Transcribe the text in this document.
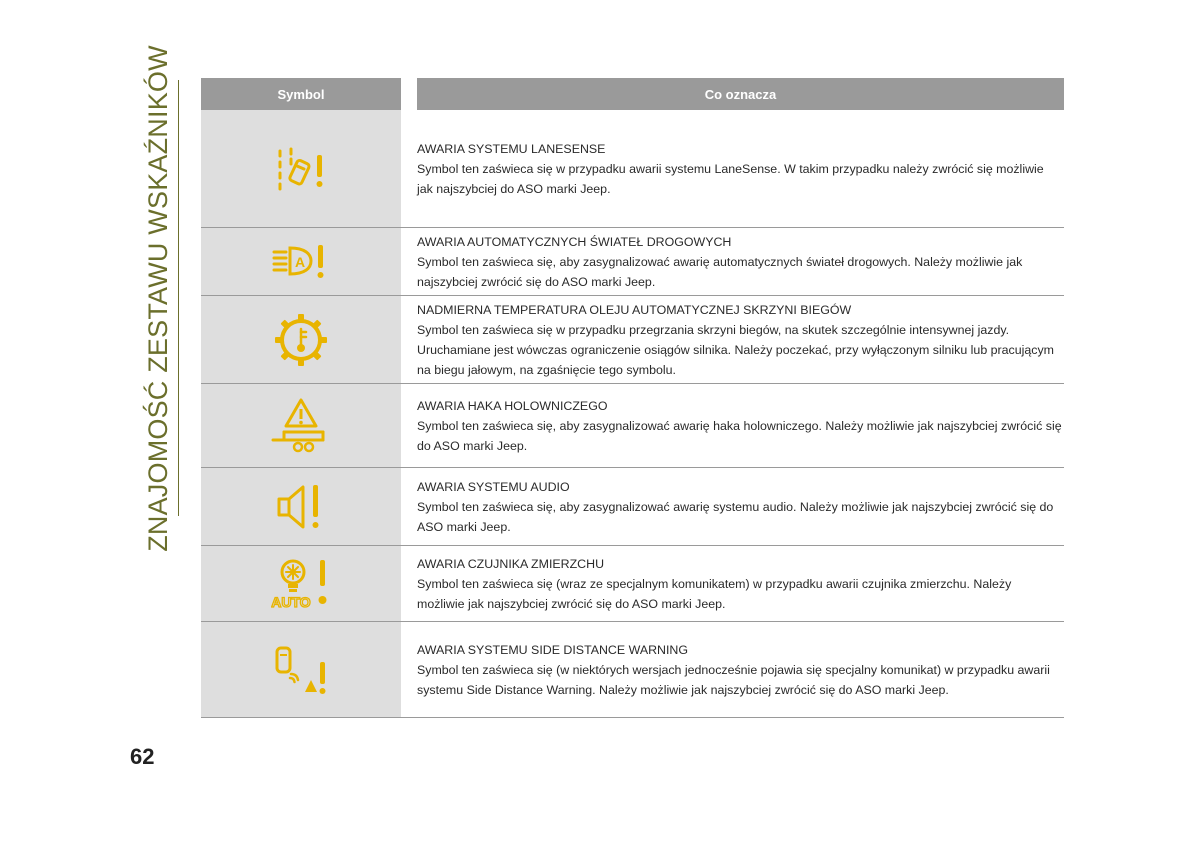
ZNAJOMOŚĆ ZESTAWU WSKAŹNIKÓW	Symbol	Co oznacza
AWARIA SYSTEMU LANESENSE
Symbol ten zaświeca się w przypadku awarii systemu LaneSense. W takim przypadku należy zwrócić się możliwie jak najszybciej do ASO marki Jeep.
A
AWARIA AUTOMATYCZNYCH ŚWIATEŁ DROGOWYCH
Symbol ten zaświeca się, aby zasygnalizować awarię automatycznych świateł drogowych. Należy możliwie jak najszybciej zwrócić się do ASO marki Jeep.
NADMIERNA TEMPERATURA OLEJU AUTOMATYCZNEJ SKRZYNI BIEGÓW
Symbol ten zaświeca się w przypadku przegrzania skrzyni biegów, na skutek szczególnie intensywnej jazdy. Uruchamiane jest wówczas ograniczenie osiągów silnika. Należy poczekać, przy wyłączonym silniku lub pracującym na biegu jałowym, na zgaśnięcie tego symbolu.
AWARIA HAKA HOLOWNICZEGO
Symbol ten zaświeca się, aby zasygnalizować awarię haka holowniczego. Należy możliwie jak najszybciej zwrócić się do ASO marki Jeep.
AWARIA SYSTEMU AUDIO
Symbol ten zaświeca się, aby zasygnalizować awarię systemu audio. Należy możliwie jak najszybciej zwrócić się do ASO marki Jeep.
AUTO
AWARIA CZUJNIKA ZMIERZCHU
Symbol ten zaświeca się (wraz ze specjalnym komunikatem) w przypadku awarii czujnika zmierzchu. Należy możliwie jak najszybciej zwrócić się do ASO marki Jeep.
AWARIA SYSTEMU SIDE DISTANCE WARNING
Symbol ten zaświeca się (w niektórych wersjach jednocześnie pojawia się specjalny komunikat) w przypadku awarii systemu Side Distance Warning. Należy możliwie jak najszybciej zwrócić się do ASO marki Jeep.
62
